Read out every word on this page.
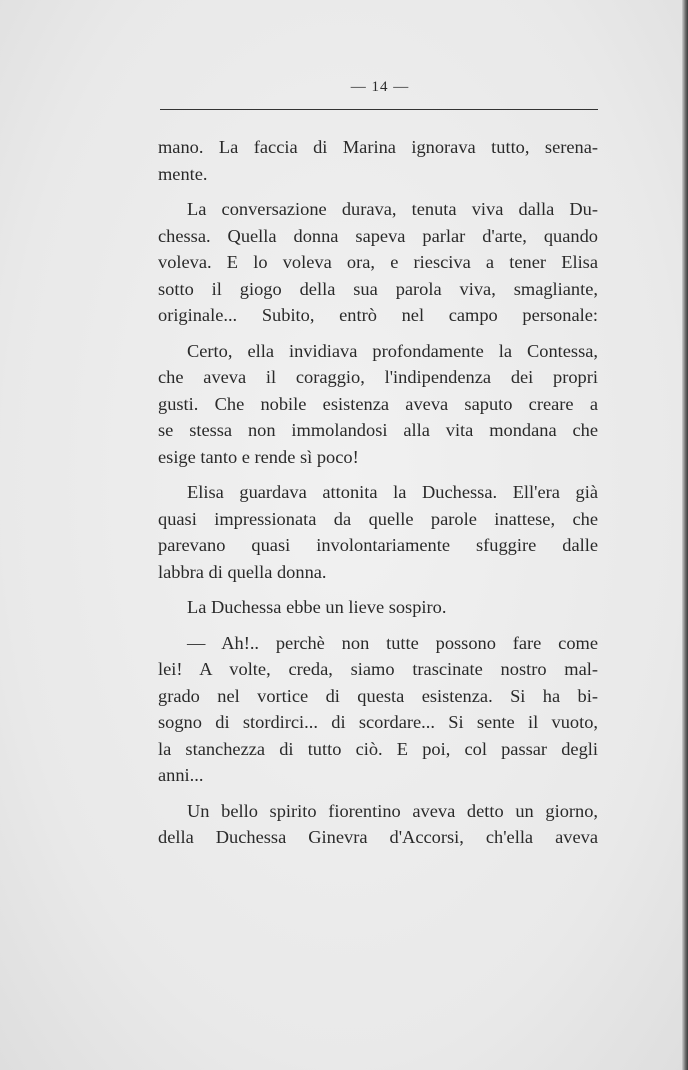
— 14 —

mano. La faccia di Marina ignorava tutto, serena-

mente.

La conversazione durava, tenuta viva dalla Du-

chessa. Quella donna sapeva parlar d'arte, quando

voleva. E lo voleva ora, e riesciva a tener Elisa

sotto il giogo della sua parola viva, smagliante,

originale... Subito, entrò nel campo personale:

Certo, ella invidiava profondamente la Contessa,

che aveva il coraggio, l'indipendenza dei propri

gusti. Che nobile esistenza aveva saputo creare a

se stessa non immolandosi alla vita mondana che

esige tanto e rende sì poco!

Elisa guardava attonita la Duchessa. Ell'era già

quasi impressionata da quelle parole inattese, che

parevano quasi involontariamente sfuggire dalle

labbra di quella donna.

La Duchessa ebbe un lieve sospiro.

— Ah!.. perchè non tutte possono fare come

lei! A volte, creda, siamo trascinate nostro mal-

grado nel vortice di questa esistenza. Si ha bi-

sogno di stordirci... di scordare... Si sente il vuoto,

la stanchezza di tutto ciò. E poi, col passar degli

anni...

Un bello spirito fiorentino aveva detto un giorno,

della Duchessa Ginevra d'Accorsi, ch'ella aveva
